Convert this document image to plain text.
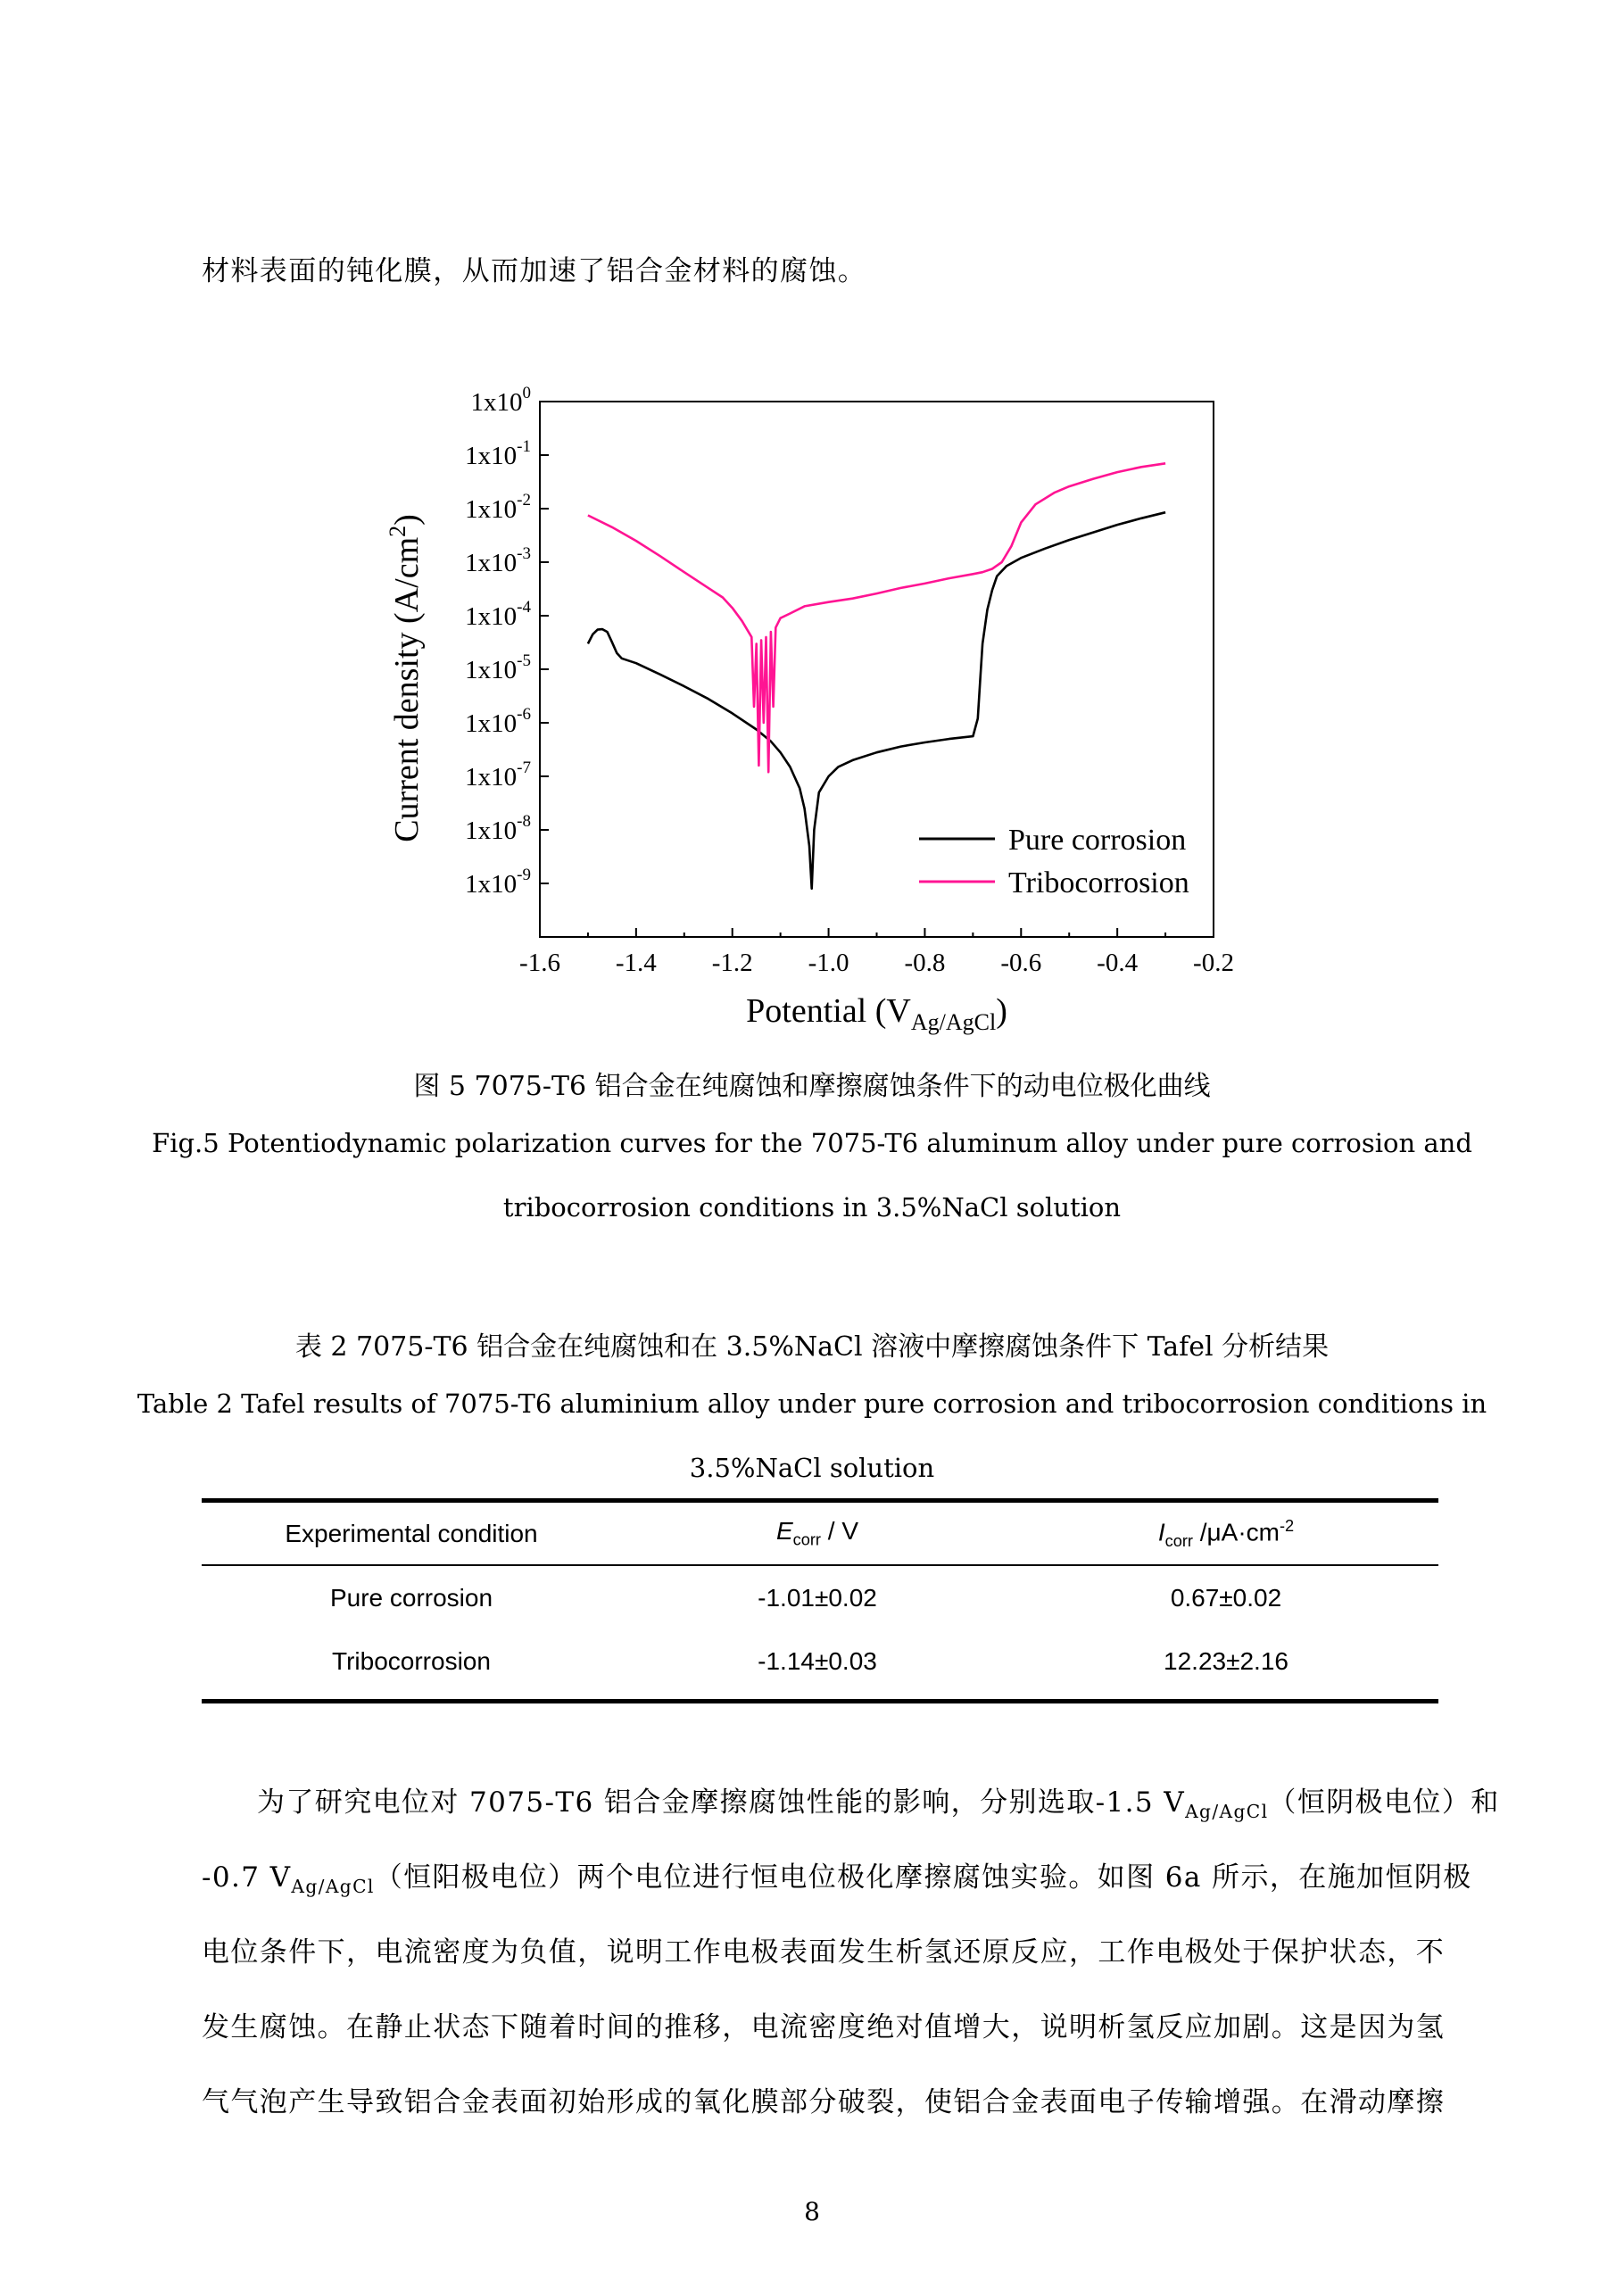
材料表面的钝化膜，从而加速了铝合金材料的腐蚀。
-1.6 -1.4 -1.2 -1.0 -0.8 -0.6 -0.4 -0.2
$1x10^0$
$1x10^{-1}$
$1x10^{-2}$
$1x10^{-3}$
$1x10^{-4}$
$1x10^{-5}$
$1x10^{-6}$
$1x10^{-7}$
$1x10^{-8}$
$1x10^{-9}$
Potential $(V_{Ag/AgCl})$
Current density $(A/cm^2)$
Pure corrosion
Tribocorrosion
图 5 7075-T6 铝合金在纯腐蚀和摩擦腐蚀条件下的动电位极化曲线
Fig.5 Potentiodynamic polarization curves for the 7075-T6 aluminum alloy under pure corrosion and
tribocorrosion conditions in 3.5%NaCl solution
表 2 7075-T6 铝合金在纯腐蚀和在 3.5%NaCl 溶液中摩擦腐蚀条件下 Tafel 分析结果
Table 2 Tafel results of 7075-T6 aluminium alloy under pure corrosion and tribocorrosion conditions in
3.5%NaCl solution
Experimental condition	$E_{corr}$ / V	$I_{corr}$ $/\mu A\cdot cm^{-2}$
Pure corrosion	-1.01±0.02	0.67±0.02
Tribocorrosion	-1.14±0.03	12.23±2.16
为了研究电位对 7075-T6 铝合金摩擦腐蚀性能的影响，分别选取-1.5 $V_{Ag/AgCl}$（恒阴极电位）和
-0.7 $V_{Ag/AgCl}$（恒阳极电位）两个电位进行恒电位极化摩擦腐蚀实验。如图 6a 所示，在施加恒阴极
电位条件下，电流密度为负值，说明工作电极表面发生析氢还原反应，工作电极处于保护状态，不
发生腐蚀。在静止状态下随着时间的推移，电流密度绝对值增大，说明析氢反应加剧。这是因为氢
气气泡产生导致铝合金表面初始形成的氧化膜部分破裂，使铝合金表面电子传输增强。在滑动摩擦
8
